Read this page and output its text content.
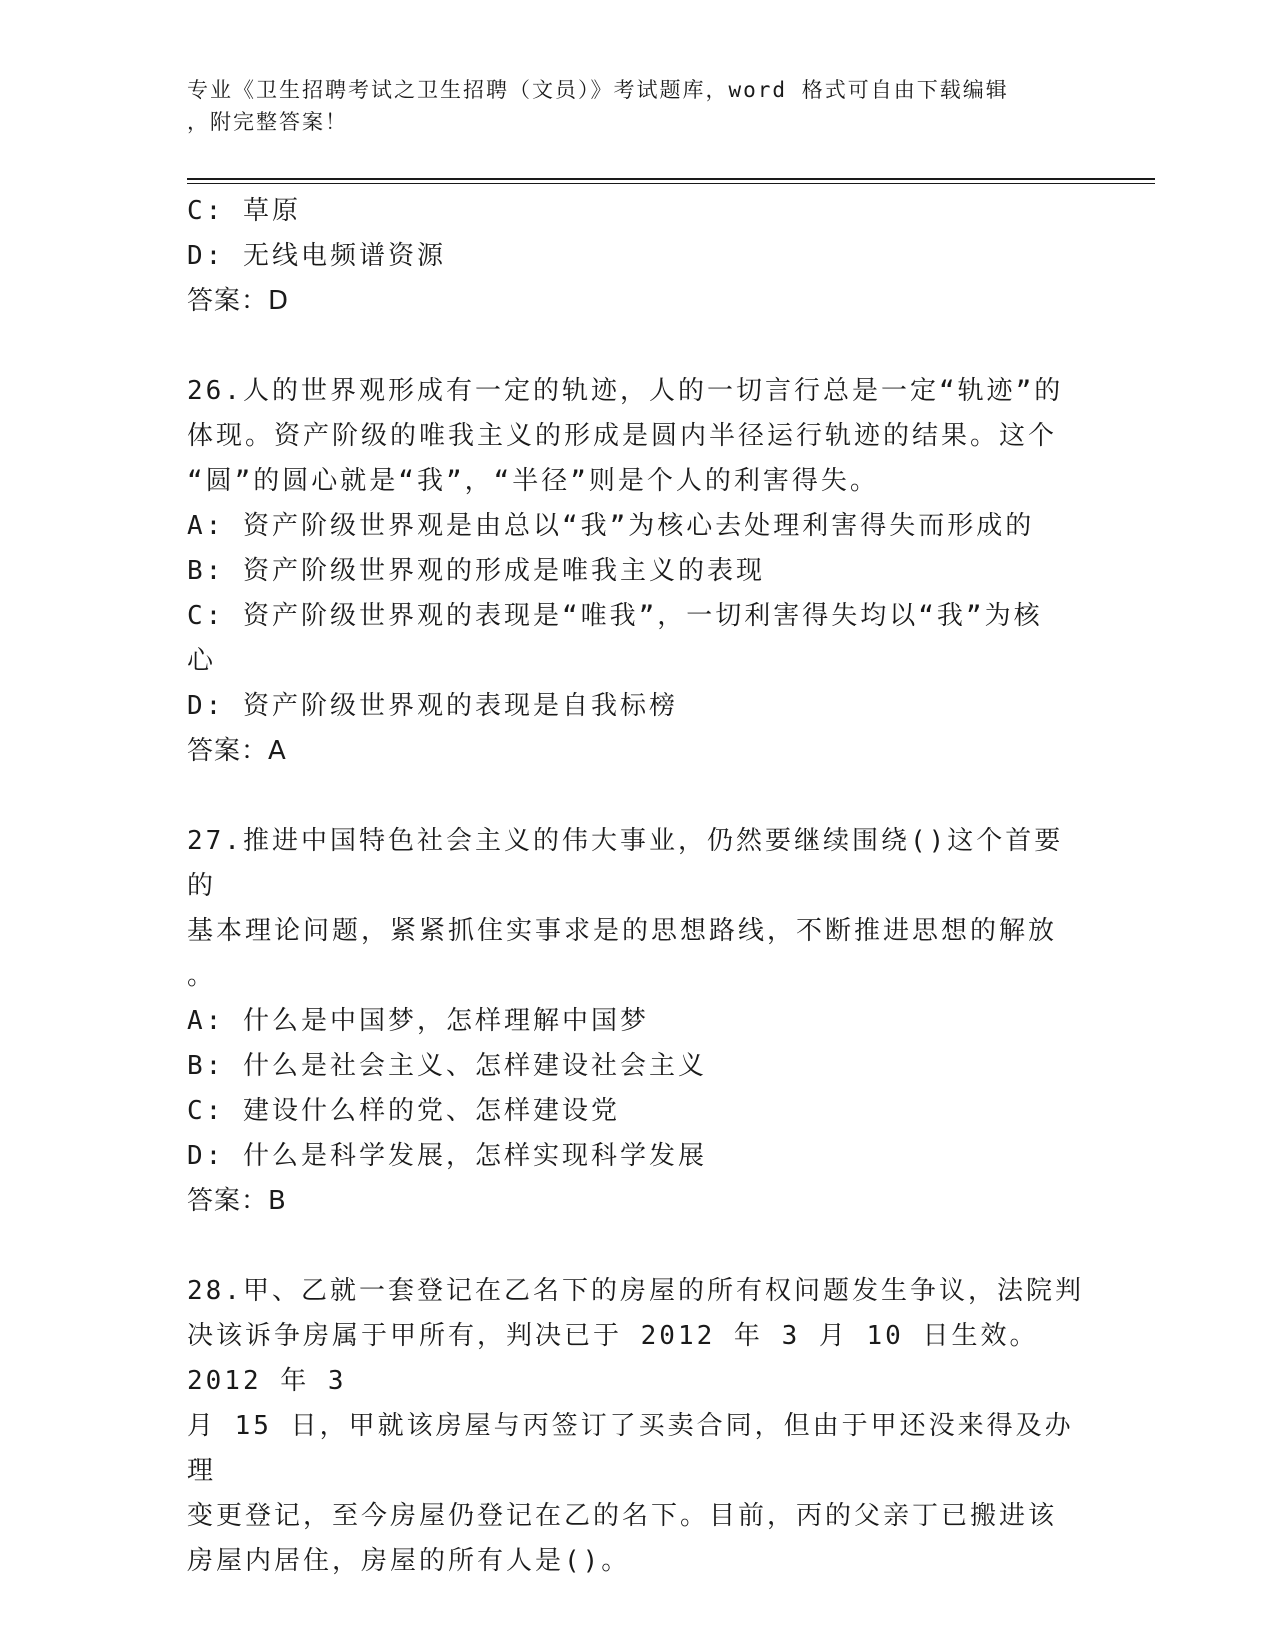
专业《卫生招聘考试之卫生招聘（文员）》考试题库，word 格式可自由下载编辑
，附完整答案！
C: 草原
D: 无线电频谱资源
答案：D
26.人的世界观形成有一定的轨迹，人的一切言行总是一定“轨迹”的
体现。资产阶级的唯我主义的形成是圆内半径运行轨迹的结果。这个
“圆”的圆心就是“我”，“半径”则是个人的利害得失。
A: 资产阶级世界观是由总以“我”为核心去处理利害得失而形成的
B: 资产阶级世界观的形成是唯我主义的表现
C: 资产阶级世界观的表现是“唯我”，一切利害得失均以“我”为核
心
D: 资产阶级世界观的表现是自我标榜
答案：A
27.推进中国特色社会主义的伟大事业，仍然要继续围绕()这个首要的
基本理论问题，紧紧抓住实事求是的思想路线，不断推进思想的解放
。
A: 什么是中国梦，怎样理解中国梦
B: 什么是社会主义、怎样建设社会主义
C: 建设什么样的党、怎样建设党
D: 什么是科学发展，怎样实现科学发展
答案：B
28.甲、乙就一套登记在乙名下的房屋的所有权问题发生争议，法院判
决该诉争房属于甲所有，判决已于 2012 年 3 月 10 日生效。2012 年 3
月 15 日，甲就该房屋与丙签订了买卖合同，但由于甲还没来得及办理
变更登记，至今房屋仍登记在乙的名下。目前，丙的父亲丁已搬进该
房屋内居住，房屋的所有人是()。
